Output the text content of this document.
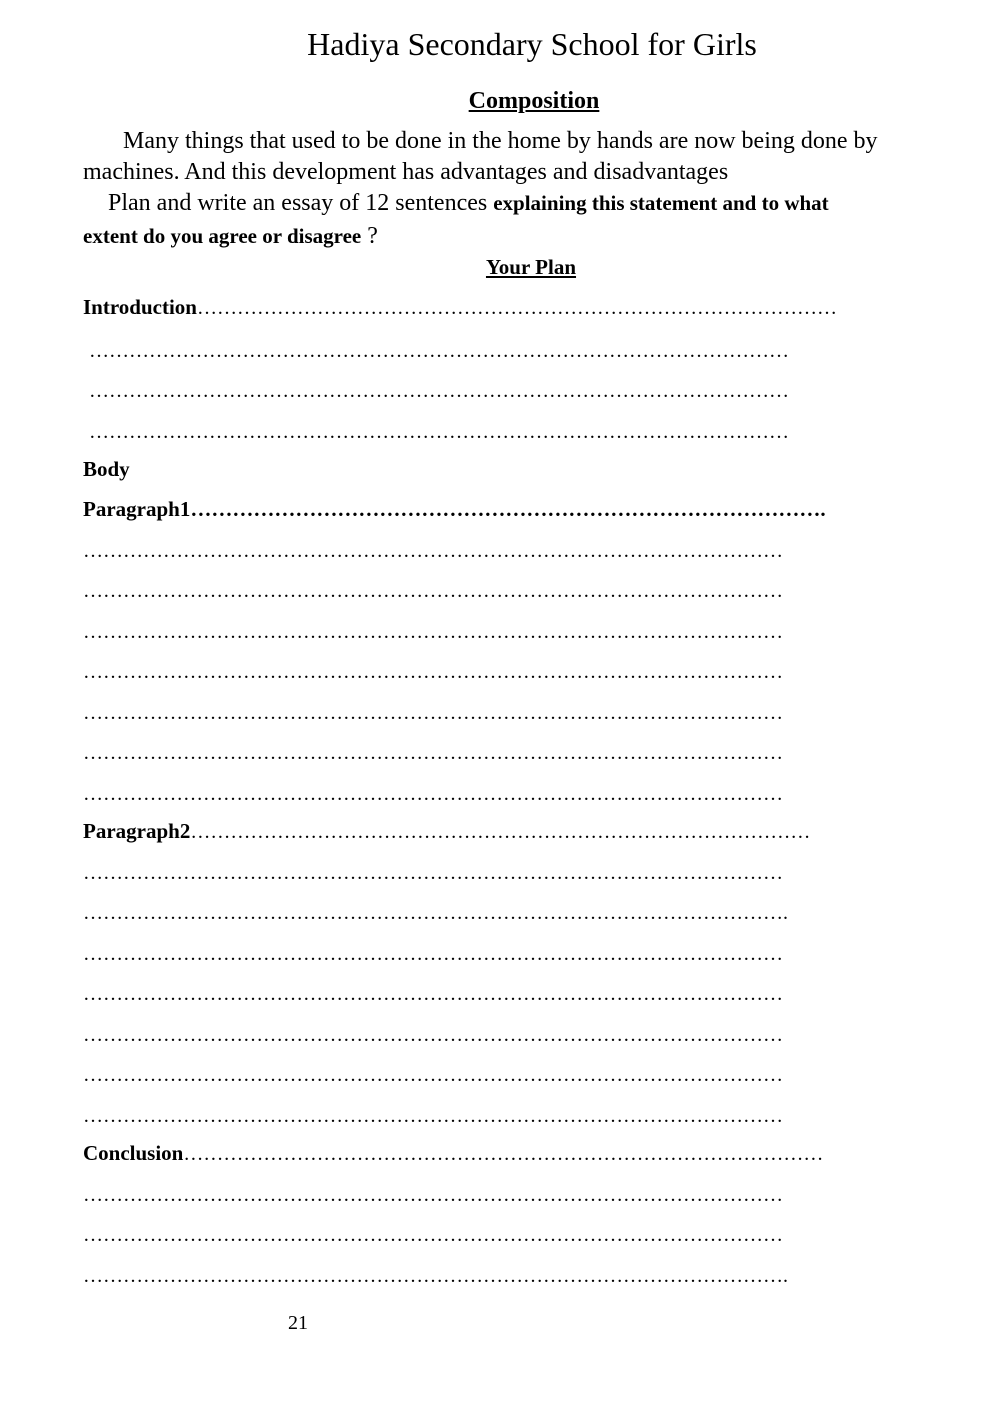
Hadiya Secondary School for Girls
Composition
Many things that used to be done in the home by hands are now being done by
machines. And this development has advantages and disadvantages
Plan and write an essay of 12 sentences explaining this statement and to what
extent do you agree or disagree ?
Your Plan
Introduction……………………………………………………………………………………
……………………………………………………………………………………………
……………………………………………………………………………………………
……………………………………………………………………………………………
Body
Paragraph1……………………………………………………………………………….
……………………………………………………………………………………………
……………………………………………………………………………………………
……………………………………………………………………………………………
……………………………………………………………………………………………
……………………………………………………………………………………………
……………………………………………………………………………………………
……………………………………………………………………………………………
Paragraph2…………………………………………………………………………………
……………………………………………………………………………………………
…………………………………………………………………………………………….
……………………………………………………………………………………………
……………………………………………………………………………………………
……………………………………………………………………………………………
……………………………………………………………………………………………
……………………………………………………………………………………………
Conclusion……………………………………………………………………………………
……………………………………………………………………………………………
……………………………………………………………………………………………
…………………………………………………………………………………………….
21
